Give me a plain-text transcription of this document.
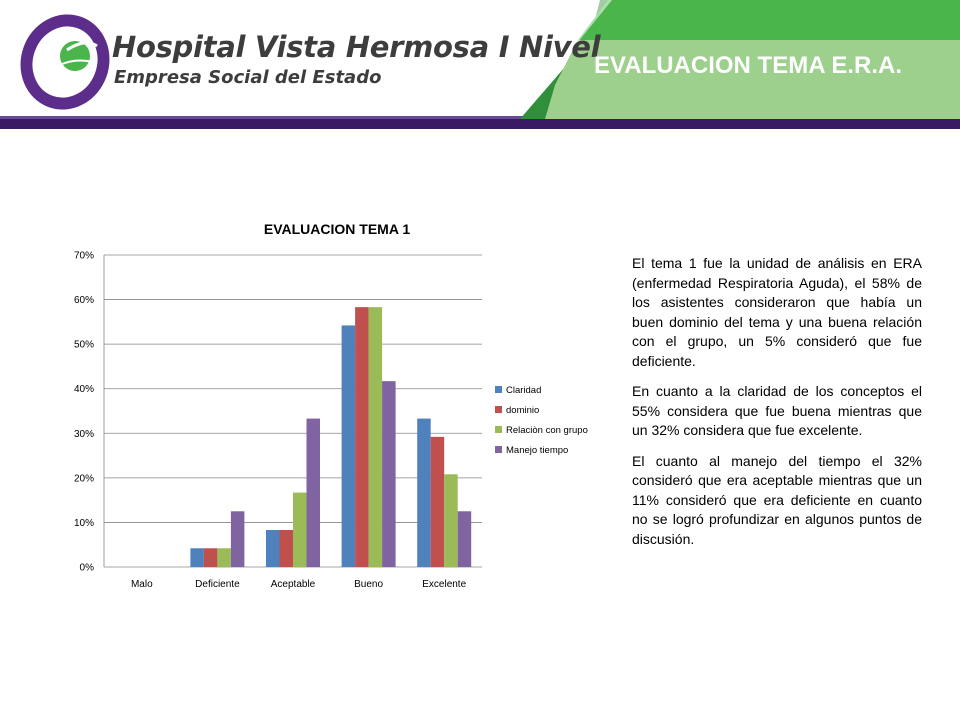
Hospital Vista Hermosa I Nivel
Empresa Social del Estado	EVALUACION TEMA E.R.A.
EVALUACION TEMA 1
0%
10%
20%
30%
40%
50%
60%
70%
Malo	Deficiente	Aceptable	Bueno	Excelente
Claridad
dominio
Relaciòn con grupo
Manejo tiempo

El tema 1 fue la unidad de análisis en ERA (enfermedad Respiratoria Aguda), el 58% de los asistentes consideraron que había un buen dominio del tema y una buena relación con el grupo, un 5% consideró que fue deficiente.

En cuanto a la claridad de los conceptos el 55% considera que fue buena mientras que un 32% considera que fue excelente.

El cuanto al manejo del tiempo el 32% consideró que era aceptable mientras que un 11% consideró que era deficiente en cuanto no se logró profundizar en algunos puntos de discusión.
